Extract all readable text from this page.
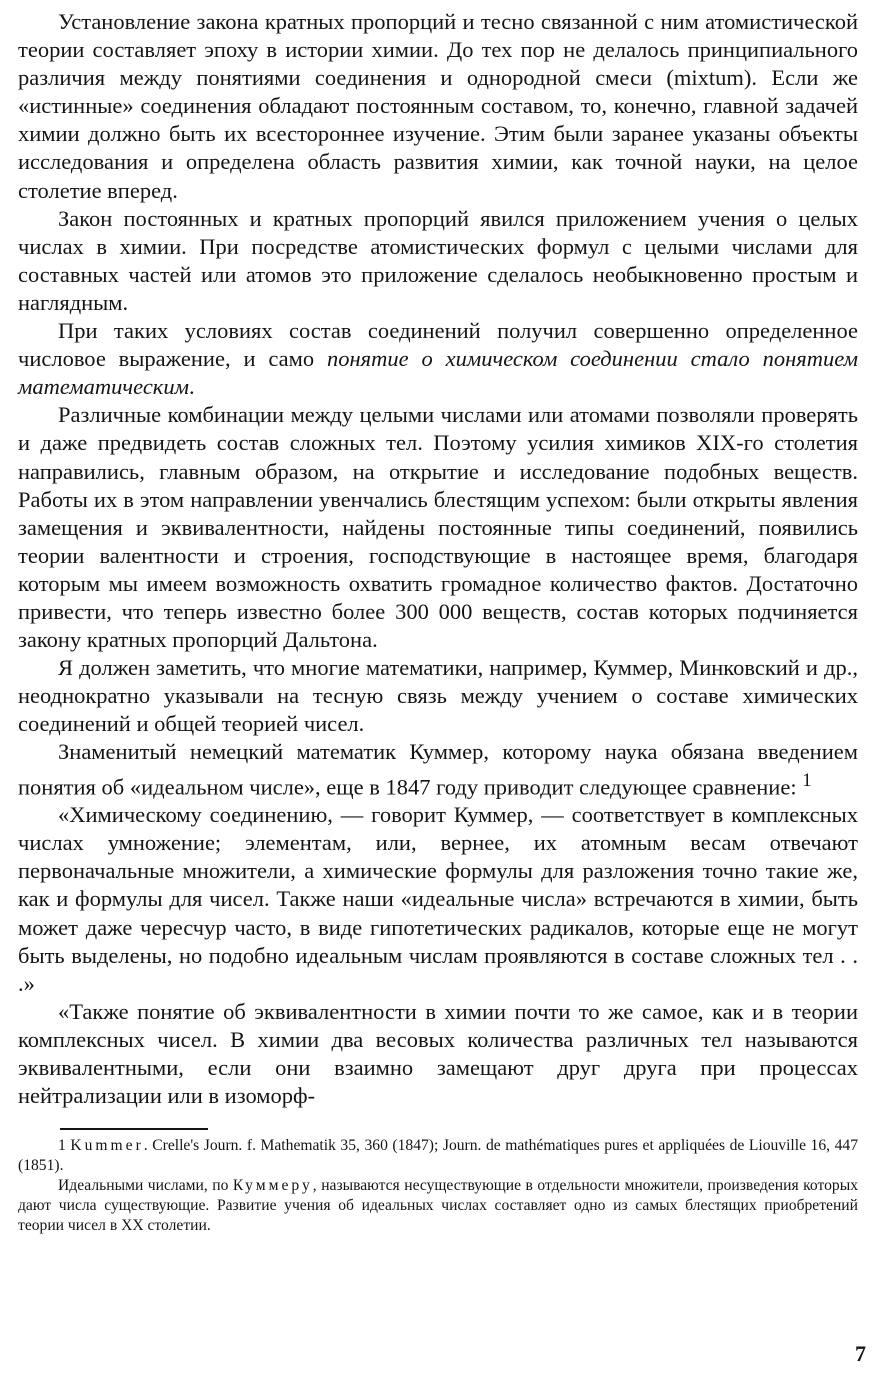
Установление закона кратных пропорций и тесно связанной с ним атомистической теории составляет эпоху в истории химии. До тех пор не делалось принципиального различия между понятиями соединения и однородной смеси (mixtum). Если же «истинные» соединения обладают постоянным составом, то, конечно, главной задачей химии должно быть их всестороннее изучение. Этим были заранее указаны объекты исследования и определена область развития химии, как точной науки, на целое столетие вперед.

Закон постоянных и кратных пропорций явился приложением учения о целых числах в химии. При посредстве атомистических формул с целыми числами для составных частей или атомов это приложение сделалось необыкновенно простым и наглядным.

При таких условиях состав соединений получил совершенно определенное числовое выражение, и само понятие о химическом соединении стало понятием математическим.

Различные комбинации между целыми числами или атомами позволяли проверять и даже предвидеть состав сложных тел. Поэтому усилия химиков XIX-го столетия направились, главным образом, на открытие и исследование подобных веществ. Работы их в этом направлении увенчались блестящим успехом: были открыты явления замещения и эквивалентности, найдены постоянные типы соединений, появились теории валентности и строения, господствующие в настоящее время, благодаря которым мы имеем возможность охватить громадное количество фактов. Достаточно привести, что теперь известно более 300 000 веществ, состав которых подчиняется закону кратных пропорций Дальтона.

Я должен заметить, что многие математики, например, Куммер, Минковский и др., неоднократно указывали на тесную связь между учением о составе химических соединений и общей теорией чисел.

Знаменитый немецкий математик Куммер, которому наука обязана введением понятия об «идеальном числе», еще в 1847 году приводит следующее сравнение: $^1$

«Химическому соединению, — говорит Куммер, — соответствует в комплексных числах умножение; элементам, или, вернее, их атомным весам отвечают первоначальные множители, а химические формулы для разложения точно такие же, как и формулы для чисел. Также наши «идеальные числа» встречаются в химии, быть может даже чересчур часто, в виде гипотетических радикалов, которые еще не могут быть выделены, но подобно идеальным числам проявляются в составе сложных тел . . .»

«Также понятие об эквивалентности в химии почти то же самое, как и в теории комплексных чисел. В химии два весовых количества различных тел называются эквивалентными, если они взаимно замещают друг друга при процессах нейтрализации или в изоморф-

1 Kummer. Crelle's Journ. f. Mathematik 35, 360 (1847); Journ. de mathématiques pures et appliquées de Liouville 16, 447 (1851).

Идеальными числами, по Куммеру, называются несуществующие в отдельности множители, произведения которых дают числа существующие. Развитие учения об идеальных числах составляет одно из самых блестящих приобретений теории чисел в XX столетии.

7
